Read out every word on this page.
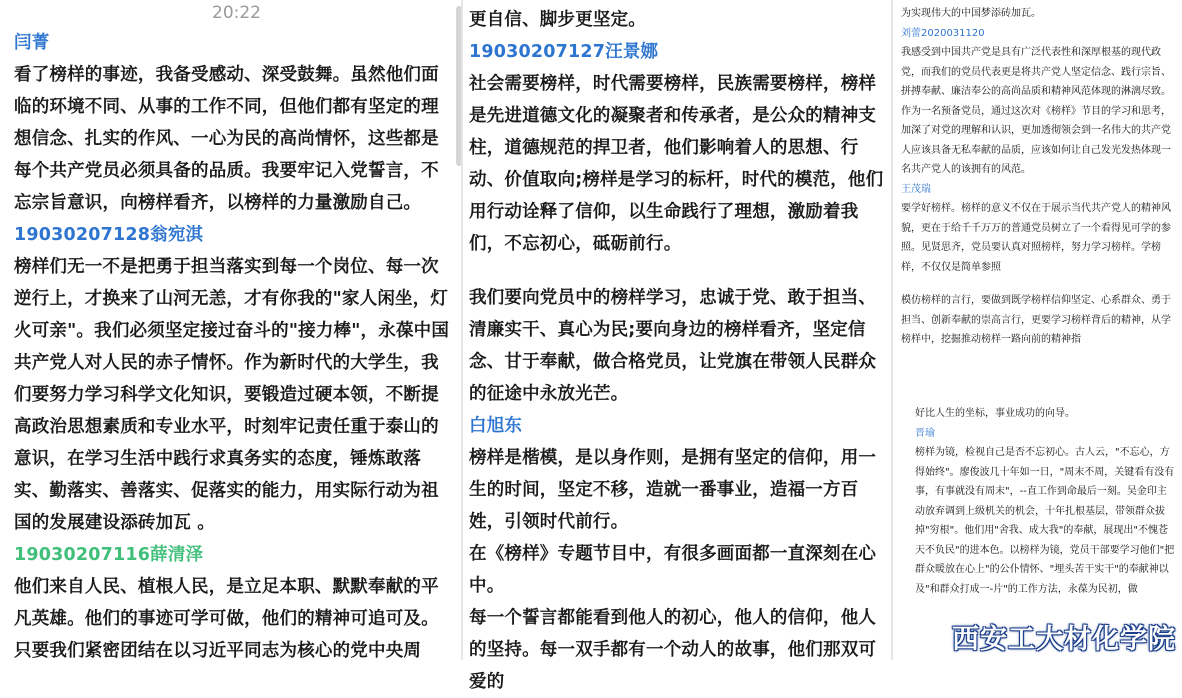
20:22

闫菁

看了榜样的事迹，我备受感动、深受鼓舞。虽然他们面临的环境不同、从事的工作不同，但他们都有坚定的理想信念、扎实的作风、一心为民的高尚情怀，这些都是每个共产党员必须具备的品质。我要牢记入党誓言，不忘宗旨意识，向榜样看齐，以榜样的力量激励自己。

19030207128翁宛淇

榜样们无一不是把勇于担当落实到每一个岗位、每一次逆行上，才换来了山河无恙，才有你我的"家人闲坐，灯火可亲"。我们必须坚定接过奋斗的"接力棒"，永葆中国共产党人对人民的赤子情怀。作为新时代的大学生，我们要努力学习科学文化知识，要锻造过硬本领，不断提高政治思想素质和专业水平，时刻牢记责任重于泰山的意识，在学习生活中践行求真务实的态度，锤炼敢落实、勤落实、善落实、促落实的能力，用实际行动为祖国的发展建设添砖加瓦 。

19030207116薛清泽

他们来自人民、植根人民，是立足本职、默默奉献的平凡英雄。他们的事迹可学可做，他们的精神可追可及。只要我们紧密团结在以习近平同志为核心的党中央周

更自信、脚步更坚定。

19030207127汪景娜

社会需要榜样，时代需要榜样，民族需要榜样，榜样是先进道德文化的凝聚者和传承者，是公众的精神支柱，道德规范的捍卫者，他们影响着人的思想、行动、价值取向;榜样是学习的标杆，时代的模范，他们用行动诠释了信仰，以生命践行了理想，激励着我们，不忘初心，砥砺前行。

我们要向党员中的榜样学习，忠诚于党、敢于担当、清廉实干、真心为民;要向身边的榜样看齐，坚定信念、甘于奉献，做合格党员，让党旗在带领人民群众的征途中永放光芒。

白旭东

榜样是楷模，是以身作则，是拥有坚定的信仰，用一生的时间，坚定不移，造就一番事业，造福一方百姓，引领时代前行。

在《榜样》专题节目中，有很多画面都一直深刻在心中。

每一个誓言都能看到他人的初心，他人的信仰，他人的坚持。每一双手都有一个动人的故事，他们那双可爱的

为实现伟大的中国梦添砖加瓦。

刘蕾2020031120

我感受到中国共产党是具有广泛代表性和深厚根基的现代政党，而我们的党员代表更是将共产党人坚定信念、践行宗旨、拼搏奉献、廉洁奉公的高尚品质和精神风范体现的淋漓尽致。作为一名预备党员，通过这次对《榜样》节目的学习和思考，加深了对党的理解和认识，更加透彻领会到一名伟大的共产党人应该具备无私奉献的品质，应该如何让自己发光发热体现一名共产党人的该拥有的风范。

王茂瑞

要学好榜样。榜样的意义不仅在于展示当代共产党人的精神风貌，更在于给千千万万的普通党员树立了一个看得见可学的参照。见贤思齐，党员要认真对照榜样，努力学习榜样。学榜样，不仅仅是简单参照

模仿榜样的言行，要做到既学榜样信仰坚定、心系群众、勇于担当、创新奉献的崇高言行，更要学习榜样背后的精神，从学榜样中，挖掘推动榜样一路向前的精神指

好比人生的坐标，事业成功的向导。

晋瑜

榜样为镜，检视自己是否不忘初心。古人云，"不忘心，方得始终"。廖俊波几十年如一日，"周末不周，关键看有没有事，有事就没有周末"，--直工作到命最后一刻。吴金印主动放弃调到上级机关的机会，十年扎根基层，带领群众拔掉"穷根"。他们用"舍我、成大我"的奉献，展现出"不愧苍天不负民"的进本色。以榜样为镜，党员干部要学习他们"把群众暖放在心上"的公仆情怀、"埋头苦干实干"的奉献神以及"和群众打成一-片"的工作方法，永葆为民初，做

西安工大材化学院
